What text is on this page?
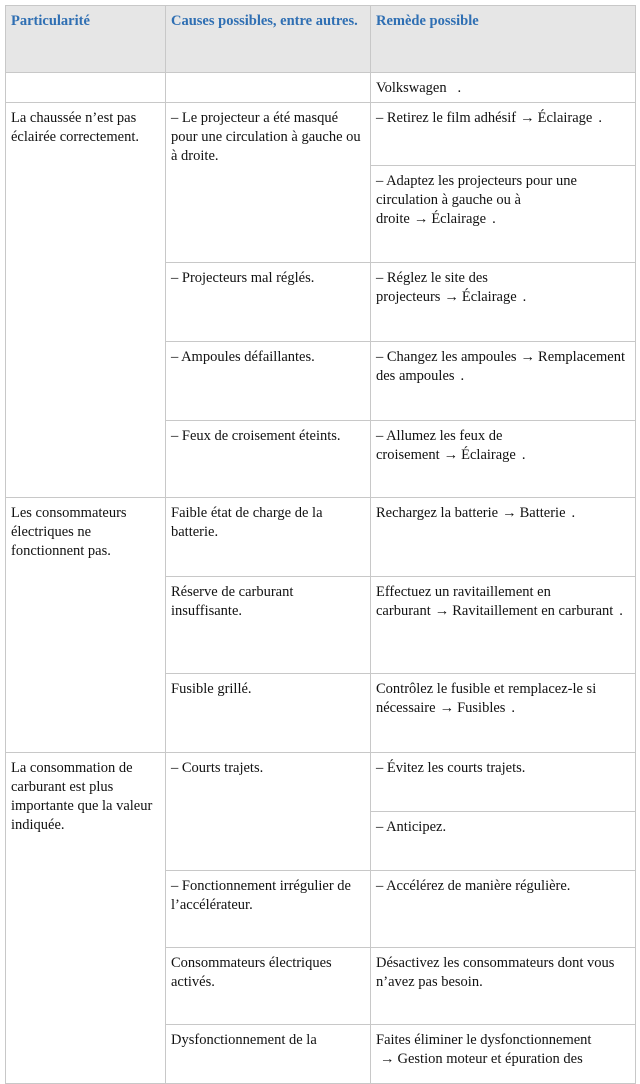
Particularité	Causes possibles, entre autres.	Remède possible
		Volkswagen   .
La chaussée n’est pas éclairée correctement.	– Le projecteur a été masqué pour une circulation à gauche ou à droite.	– Retirez le film adhésif → Éclairage .
		– Adaptez les projecteurs pour une circulation à gauche ou à droite → Éclairage .
	– Projecteurs mal réglés.	– Réglez le site des projecteurs → Éclairage .
	– Ampoules défaillantes.	– Changez les ampoules → Remplacement des ampoules .
	– Feux de croisement éteints.	– Allumez les feux de croisement → Éclairage .
Les consommateurs électriques ne fonctionnent pas.	Faible état de charge de la batterie.	Rechargez la batterie → Batterie .
	Réserve de carburant insuffisante.	Effectuez un ravitaillement en carburant → Ravitaillement en carburant .
	Fusible grillé.	Contrôlez le fusible et remplacez-le si nécessaire → Fusibles .
La consommation de carburant est plus importante que la valeur indiquée.	– Courts trajets.	– Évitez les courts trajets.
		– Anticipez.
	– Fonctionnement irrégulier de l’accélérateur.	– Accélérez de manière régulière.
	Consommateurs électriques activés.	Désactivez les consommateurs dont vous n’avez pas besoin.
	Dysfonctionnement de la	Faites éliminer le dysfonctionnement
→ Gestion moteur et épuration des
